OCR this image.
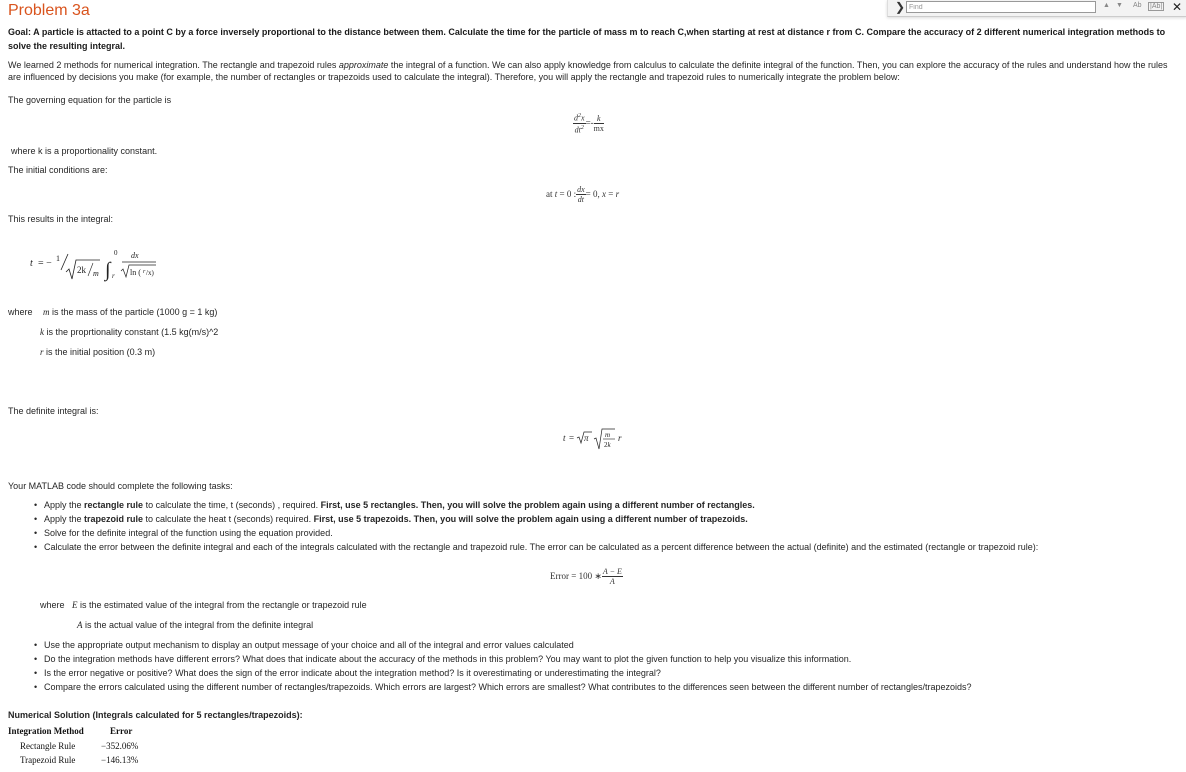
Problem 3a	❯
Find	▲ ▼ Ab |Ab| ✕
Goal: A particle is attacted to a point C by a force inversely proportional to the distance between them. Calculate the time for the particle of mass m to reach C,when starting at rest at distance r from C. Compare the accuracy of 2 different numerical integration methods to solve the resulting integral.
We learned 2 methods for numerical integration. The rectangle and trapezoid rules approximate the integral of a function. We can also apply knowledge from calculus to calculate the definite integral of the function. Then, you can explore the accuracy of the rules and understand how the rules are influenced by decisions you make (for example, the number of rectangles or trapezoids used to calculate the integral). Therefore, you will apply the rectangle and trapezoid rules to numerically integrate the problem below:
The governing equation for the particle is
$\frac{d^2x}{dt^2} =- \frac{k}{mx}$
where k is a proportionality constant.
The initial conditions are:
at t = 0 : $\frac{dx}{dt} = 0$, x = r
This results in the integral:
t = − 1
2k m ∫
0
r
dx
ln ( r /x)
where	m is the mass of the particle (1000 g = 1 kg)
k is the proprtionality constant (1.5 kg(m/s)^2
r is the initial position (0.3 m)
The definite integral is:
t = π m
2k
r
Your MATLAB code should complete the following tasks:
• Apply the rectangle rule to calculate the time, t (seconds) , required. First, use 5 rectangles. Then, you will solve the problem again using a different number of rectangles.
• Apply the trapezoid rule to calculate the heat t (seconds) required. First, use 5 trapezoids. Then, you will solve the problem again using a different number of trapezoids.
• Solve for the definite integral of the function using the equation provided.
• Calculate the error between the definite integral and each of the integrals calculated with the rectangle and trapezoid rule. The error can be calculated as a percent difference between the actual (definite) and the estimated (rectangle or trapezoid rule):
Error = 100 ∗ $\frac{A - E}{A}$
where   E is the estimated value of the integral from the rectangle or trapezoid rule
A is the actual value of the integral from the definite integral
• Use the appropriate output mechanism to display an output message of your choice and all of the integral and error values calculated
• Do the integration methods have different errors? What does that indicate about the accuracy of the methods in this problem? You may want to plot the given function to help you visualize this information.
• Is the error negative or positive? What does the sign of the error indicate about the integration method? Is it overestimating or underestimating the integral?
• Compare the errors calculated using the different number of rectangles/trapezoids. Which errors are largest? Which errors are smallest? What contributes to the differences seen between the different number of rectangles/trapezoids?
Numerical Solution (Integrals calculated for 5 rectangles/trapezoids):
Integration Method	Error
Rectangle Rule	−352.06%
Trapezoid Rule	−146.13%
